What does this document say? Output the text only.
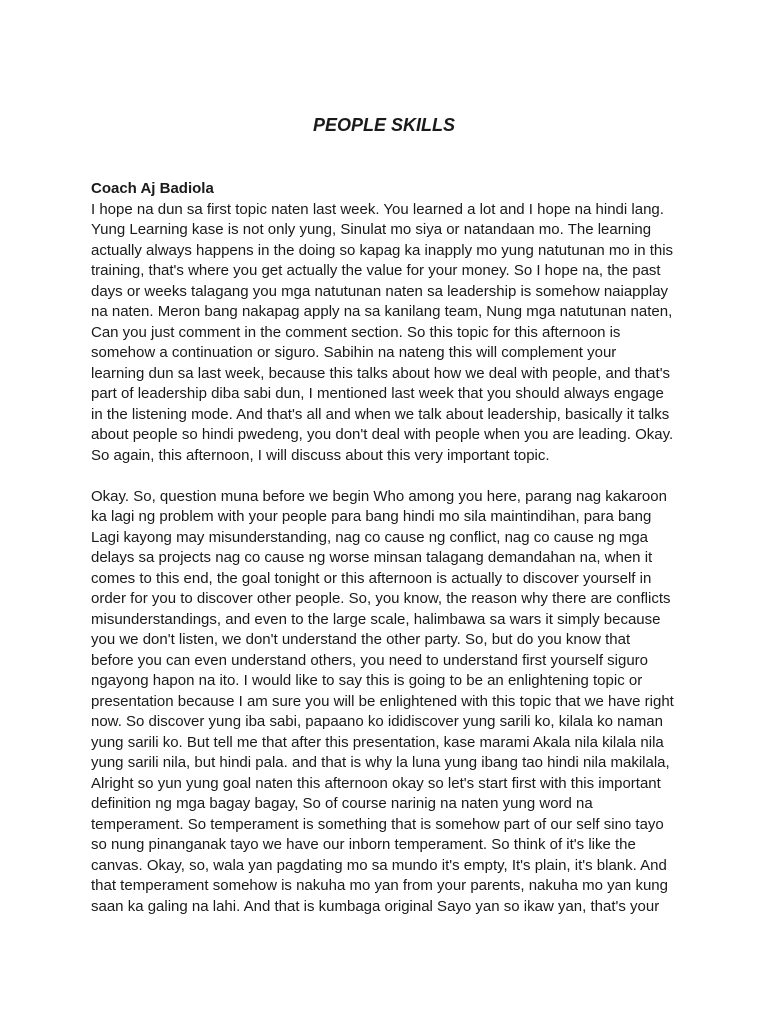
PEOPLE SKILLS
Coach Aj Badiola
I hope na dun sa first topic naten last week. You learned a lot and I hope na hindi lang.
Yung Learning kase is not only yung, Sinulat mo siya or natandaan mo. The learning
actually always happens in the doing so kapag ka inapply mo yung natutunan mo in this
training, that's where you get actually the value for your money. So I hope na, the past
days or weeks talagang you mga natutunan naten sa leadership is somehow naiapplay
na naten. Meron bang nakapag apply na sa kanilang team, Nung mga natutunan naten,
Can you just comment in the comment section. So this topic for this afternoon is
somehow a continuation or siguro. Sabihin na nateng this will complement your
learning dun sa last week, because this talks about how we deal with people, and that's
part of leadership diba sabi dun, I mentioned last week that you should always engage
in the listening mode. And that's all and when we talk about leadership, basically it talks
about people so hindi pwedeng, you don't deal with people when you are leading. Okay.
So again, this afternoon, I will discuss about this very important topic.
Okay. So, question muna before we begin Who among you here, parang nag kakaroon
ka lagi ng problem with your people para bang hindi mo sila maintindihan, para bang
Lagi kayong may misunderstanding, nag co cause ng conflict, nag co cause ng mga
delays sa projects nag co cause ng worse minsan talagang demandahan na, when it
comes to this end, the goal tonight or this afternoon is actually to discover yourself in
order for you to discover other people. So, you know, the reason why there are conflicts
misunderstandings, and even to the large scale, halimbawa sa wars it simply because
you we don't listen, we don't understand the other party. So, but do you know that
before you can even understand others, you need to understand first yourself siguro
ngayong hapon na ito. I would like to say this is going to be an enlightening topic or
presentation because I am sure you will be enlightened with this topic that we have right
now. So discover yung iba sabi, papaano ko ididiscover yung sarili ko, kilala ko naman
yung sarili ko. But tell me that after this presentation, kase marami Akala nila kilala nila
yung sarili nila, but hindi pala. and that is why la luna yung ibang tao hindi nila makilala,
Alright so yun yung goal naten this afternoon okay so let's start first with this important
definition ng mga bagay bagay, So of course narinig na naten yung word na
temperament. So temperament is something that is somehow part of our self sino tayo
so nung pinanganak tayo we have our inborn temperament. So think of it's like the
canvas. Okay, so, wala yan pagdating mo sa mundo it's empty, It's plain, it's blank. And
that temperament somehow is nakuha mo yan from your parents, nakuha mo yan kung
saan ka galing na lahi. And that is kumbaga original Sayo yan so ikaw yan, that's your
